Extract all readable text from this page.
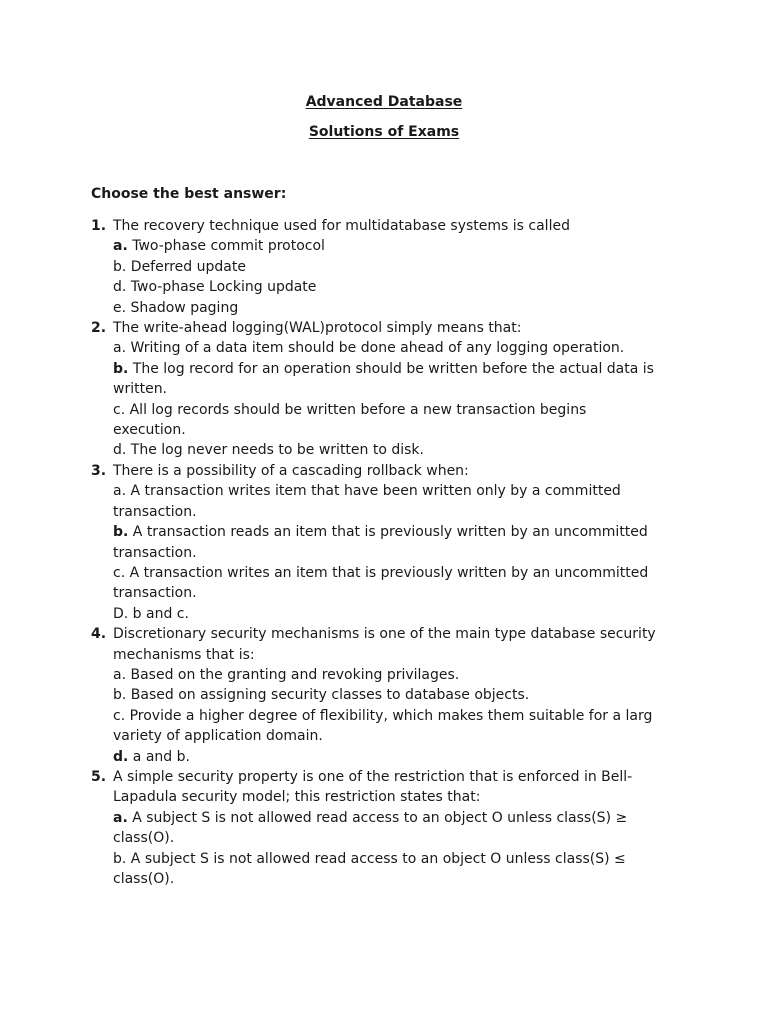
Advanced Database
Solutions of Exams
Choose the best answer:
1. The recovery technique used for multidatabase systems is called
a. Two-phase commit protocol
b. Deferred update
d. Two-phase Locking update
e. Shadow paging
2. The write-ahead logging(WAL)protocol simply means that:
a. Writing of a data item should be done ahead of any logging operation.
b. The log record for an operation should be written before the actual data is
written.
c. All log records should be written before a new transaction begins
execution.
d. The log never needs to be written to disk.
3. There is a possibility of a cascading rollback when:
a. A transaction writes item that have been written only by a committed
transaction.
b. A transaction reads an item that is previously written by an uncommitted
transaction.
c. A transaction writes an item that is previously written by an uncommitted
transaction.
D. b and c.
4. Discretionary security mechanisms is one of the main type database security
mechanisms that is:
a. Based on the granting and revoking privilages.
b. Based on assigning security classes to database objects.
c. Provide a higher degree of flexibility, which makes them suitable for a larg
variety of application domain.
d. a and b.
5. A simple security property is one of the restriction that is enforced in Bell-
Lapadula security model; this restriction states that:
a. A subject S is not allowed read access to an object O unless class(S) ≥
class(O).
b. A subject S is not allowed read access to an object O unless class(S) ≤
class(O).
